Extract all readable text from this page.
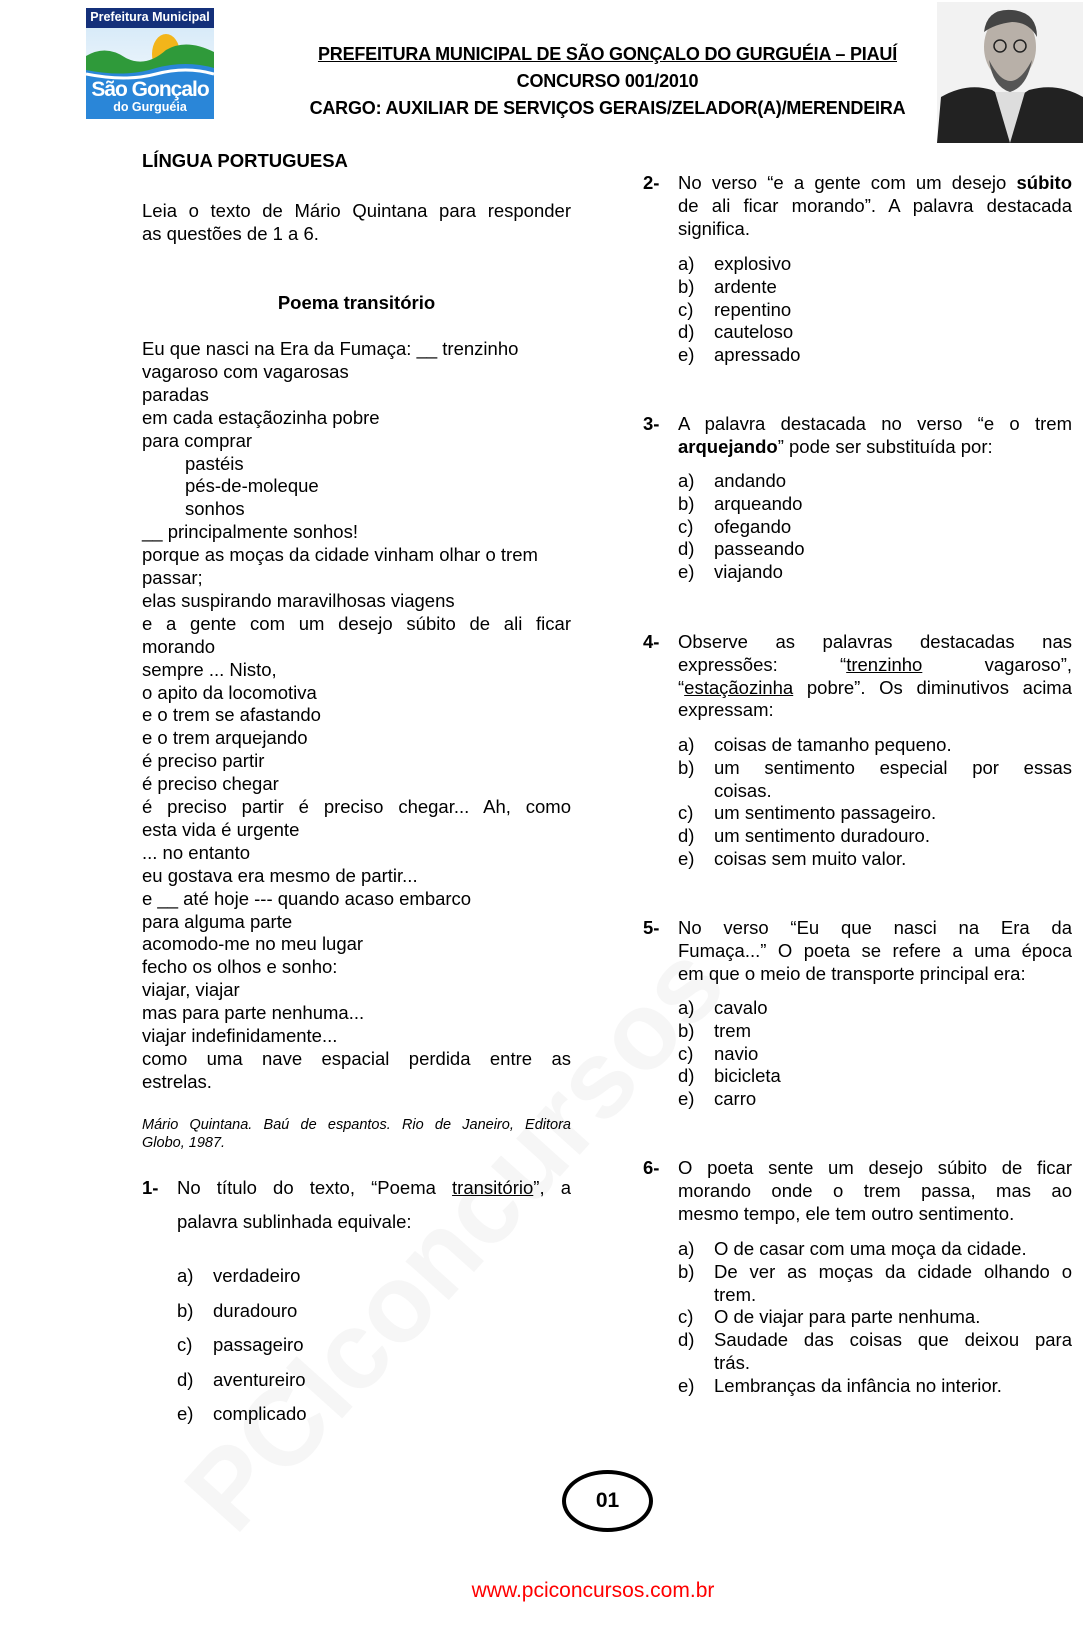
Prefeitura Municipal
São Gonçalo
do Gurguéia
PREFEITURA MUNICIPAL DE SÃO GONÇALO DO GURGUÉIA – PIAUÍ
CONCURSO 001/2010
CARGO: AUXILIAR DE SERVIÇOS GERAIS/ZELADOR(A)/MERENDEIRA
LÍNGUA PORTUGUESA
01
www.pciconcursos.com.br
Leia o texto de Mário Quintana para responder
as questões de 1 a 6.
Poema transitório
Eu que nasci na Era da Fumaça: __ trenzinho
vagaroso com vagarosas
paradas
em cada estaçãozinha pobre
para comprar
pastéis
pés-de-moleque
sonhos
__ principalmente sonhos!
porque as moças da cidade vinham olhar o trem
passar;
elas suspirando maravilhosas viagens
e a gente com um desejo súbito de ali ficar
morando
sempre ... Nisto,
o apito da locomotiva
e o trem se afastando
e o trem arquejando
é preciso partir
é preciso chegar
é preciso partir é preciso chegar... Ah, como
esta vida é urgente
... no entanto
eu gostava era mesmo de partir...
e __ até hoje --- quando acaso embarco
para alguma parte
acomodo-me no meu lugar
fecho os olhos e sonho:
viajar, viajar
mas para parte nenhuma...
viajar indefinidamente...
como uma nave espacial perdida entre as
estrelas.
Mário Quintana. Baú de espantos. Rio de Janeiro, Editora
Globo, 1987.
1- No título do texto, “Poema transitório”, a
palavra sublinhada equivale:
a) verdadeiro
b) duradouro
c) passageiro
d) aventureiro
e) complicado
2- No verso “e a gente com um desejo súbito
de ali ficar morando”. A palavra destacada
significa.
a) explosivo
b) ardente
c) repentino
d) cauteloso
e) apressado
3- A palavra destacada no verso “e o trem
arquejando” pode ser substituída por:
a) andando
b) arqueando
c) ofegando
d) passeando
e) viajando
4- Observe as palavras destacadas nas
expressões: “trenzinho vagaroso”,
“estaçãozinha pobre”. Os diminutivos acima
expressam:
a) coisas de tamanho pequeno.
b) um sentimento especial por essas
coisas.
c) um sentimento passageiro.
d) um sentimento duradouro.
e) coisas sem muito valor.
5- No verso “Eu que nasci na Era da
Fumaça...” O poeta se refere a uma época
em que o meio de transporte principal era:
a) cavalo
b) trem
c) navio
d) bicicleta
e) carro
6- O poeta sente um desejo súbito de ficar
morando onde o trem passa, mas ao
mesmo tempo, ele tem outro sentimento.
a) O de casar com uma moça da cidade.
b) De ver as moças da cidade olhando o
trem.
c) O de viajar para parte nenhuma.
d) Saudade das coisas que deixou para
trás.
e) Lembranças da infância no interior.
